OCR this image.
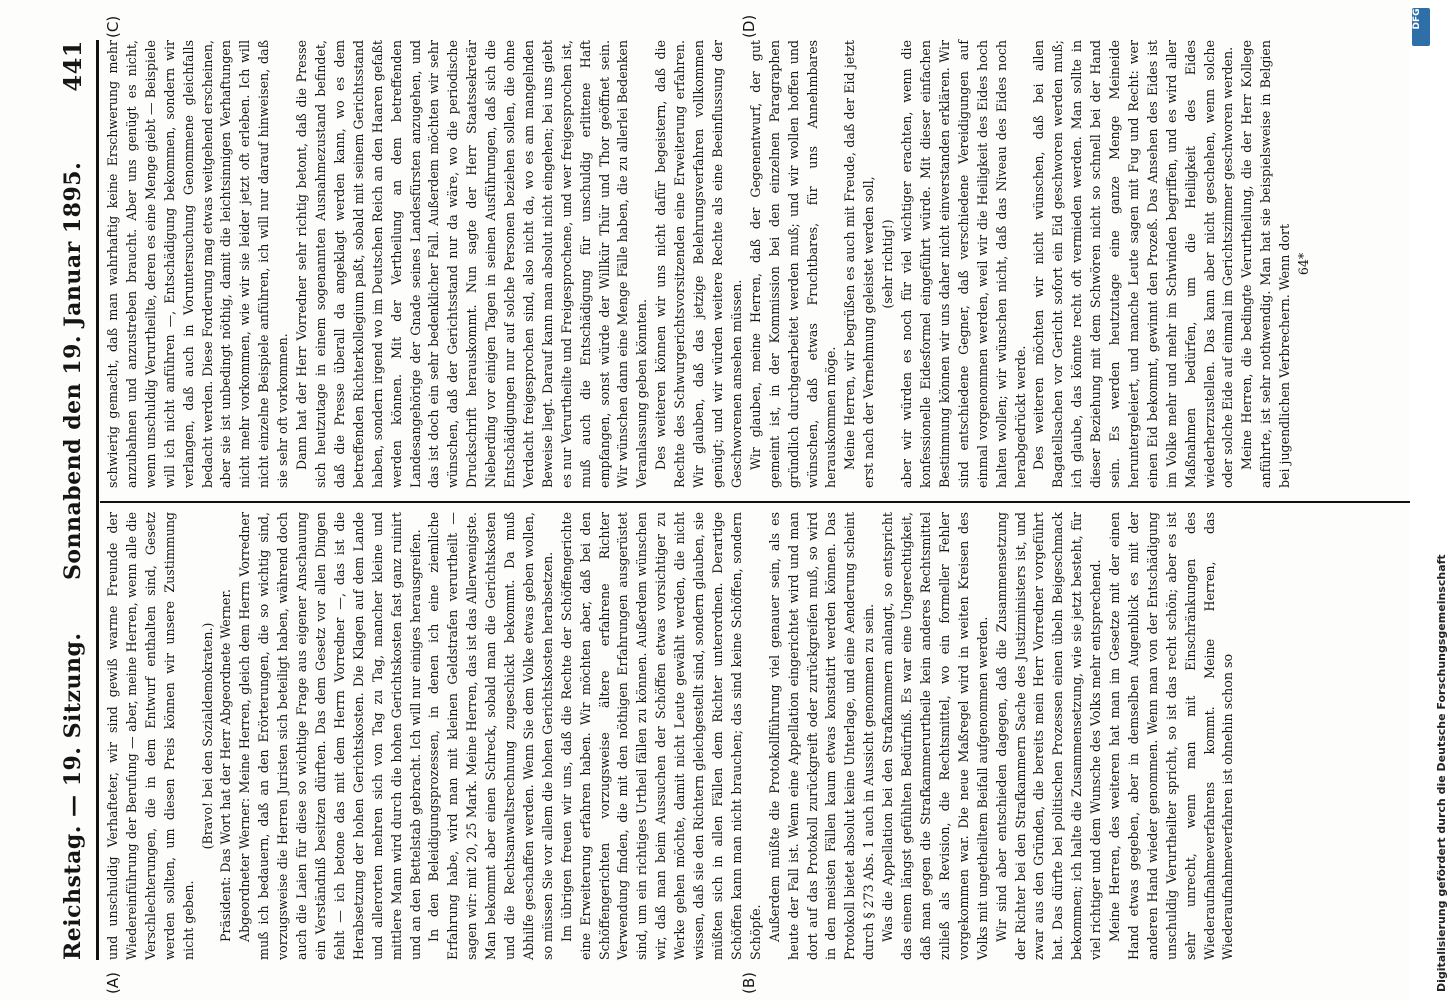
Reichstag. — 19. Sitzung.
Sonnabend den 19. Januar 1895.
441
(A)	(B)
(C)	(D)

und unschuldig Verhafteter, wir sind gewiß warme Freunde der Wiedereinführung der Berufung — aber, meine Herren, wenn alle die Verschlechterungen, die in dem Entwurf enthalten sind, Gesetz werden sollten, um diesen Preis können wir unsere Zustimmung nicht geben.

(Bravo! bei den Sozialdemokraten.) Präsident: Das Wort hat der Herr Abgeordnete Werner. Abgeordneter Werner: Meine Herren, gleich dem Herrn Vorredner muß ich bedauern, daß an den Erörterungen, die so wichtig sind, vorzugsweise die Herren Juristen sich beteiligt haben, während doch auch die Laien für diese so wichtige Frage aus eigener Anschauung ein Verständniß besitzen dürften. Das dem Gesetz vor allen Dingen fehlt — ich betone das mit dem Herrn Vorredner —, das ist die Herabsetzung der hohen Gerichtskosten. Die Klagen auf dem Lande und allerorten mehren sich von Tag zu Tag, mancher kleine und mittlere Mann wird durch die hohen Gerichtskosten fast ganz ruinirt und an den Bettelstab gebracht. Ich will nur einiges herausgreifen. In den Beleidigungsprozessen, in denen ich eine ziemliche Erfahrung habe, wird man mit kleinen Geldstrafen verurtheilt — sagen wir: mit 20, 25 Mark. Meine Herren, das ist das Allerwenigste. Man bekommt aber einen Schreck, sobald man die Gerichtskosten und die Rechtsanwaltsrechnung zugeschickt bekommt. Da muß Abhilfe geschaffen werden. Wenn Sie dem Volke etwas geben wollen, so müssen Sie vor allem die hohen Gerichtskosten herabsetzen. Im übrigen freuen wir uns, daß die Rechte der Schöffengerichte eine Erweiterung erfahren haben. Wir möchten aber, daß bei den Schöffengerichten vorzugsweise ältere erfahrene Richter Verwendung finden, die mit den nöthigen Erfahrungen ausgerüstet sind, um ein richtiges Urtheil fällen zu können. Außerdem wünschen wir, daß man beim Aussuchen der Schöffen etwas vorsichtiger zu Werke gehen möchte, damit nicht Leute gewählt werden, die nicht wissen, daß sie den Richtern gleichgestellt sind, sondern glauben, sie müßten sich in allen Fällen dem Richter unterordnen. Derartige Schöffen kann man nicht brauchen; das sind keine Schöffen, sondern Schöpfe. Außerdem müßte die Protokollführung viel genauer sein, als es heute der Fall ist. Wenn eine Appellation eingerichtet wird und man dort auf das Protokoll zurückgreift oder zurückgreifen muß, so wird in den meisten Fällen kaum etwas konstatirt werden können. Das Protokoll bietet absolut keine Unterlage, und eine Aenderung scheint durch § 273 Abs. 1 auch in Aussicht genommen zu sein. Was die Appellation bei den Strafkammern anlangt, so entspricht das einem längst gefühlten Bedürfniß. Es war eine Ungerechtigkeit, daß man gegen die Strafkammerurtheile kein anderes Rechtsmittel zuließ als Revision, die Rechtsmittel, wo ein formeller Fehler vorgekommen war. Die neue Maßregel wird in weiten Kreisen des Volks mit ungetheiltem Beifall aufgenommen werden. Wir sind aber entschieden dagegen, daß die Zusammensetzung der Richter bei den Strafkammern Sache des Justizministers ist, und zwar aus den Gründen, die bereits mein Herr Vorredner vorgeführt hat. Das dürfte bei politischen Prozessen einen übeln Beigeschmack bekommen; ich halte die Zusammensetzung, wie sie jetzt besteht, für viel richtiger und dem Wunsche des Volks mehr entsprechend. Meine Herren, des weiteren hat man im Gesetze mit der einen Hand etwas gegeben, aber in demselben Augenblick es mit der anderen Hand wieder genommen. Wenn man von der Entschädigung unschuldig Verurtheilter spricht, so ist das recht schön; aber es ist sehr unrecht, wenn man mit Einschränkungen des Wiederaufnahmeverfahrens kommt. Meine Herren, das Wiederaufnahmeverfahren ist ohnehin schon so

schwierig gemacht, daß man wahrhaftig keine Erschwerung mehr anzubahnen und anzustreben braucht. Aber uns genügt es nicht, wenn unschuldig Verurtheilte, deren es eine Menge giebt — Beispiele will ich nicht anführen —, Entschädigung bekommen, sondern wir verlangen, daß auch in Voruntersuchung Genommene gleichfalls bedacht werden. Diese Forderung mag etwas weitgehend erscheinen, aber sie ist unbedingt nöthig, damit die leichtsinnigen Verhaftungen nicht mehr vorkommen, wie wir sie leider jetzt oft erleben. Ich will nicht einzelne Beispiele anführen, ich will nur darauf hinweisen, daß sie sehr oft vorkommen. Dann hat der Herr Vorredner sehr richtig betont, daß die Presse sich heutzutage in einem sogenannten Ausnahmezustand befindet, daß die Presse überall da angeklagt werden kann, wo es dem betreffenden Richterkollegium paßt, sobald mit seinem Gerichtsstand haben, sondern irgend wo im Deutschen Reich an den Haaren gefaßt werden können. Mit der Vertheilung an dem betreffenden Landesangehörige der Gnade seines Landesfürsten anzugehen, und das ist doch ein sehr bedenklicher Fall. Außerdem möchten wir sehr wünschen, daß der Gerichtsstand nur da wäre, wo die periodische Druckschrift herauskommt. Nun sagte der Herr Staatssekretär Nieberding vor einigen Tagen in seinen Ausführungen, daß sich die Entschädigungen nur auf solche Personen beziehen sollen, die ohne Verdacht freigesprochen sind, also nicht da, wo es am mangelnden Beweise liegt. Darauf kann man absolut nicht eingehen; bei uns giebt es nur Verurtheilte und Freigesprochene, und wer freigesprochen ist, muß auch die Entschädigung für unschuldig erlittene Haft empfangen, sonst würde der Willkür Thür und Thor geöffnet sein. Wir wünschen dann eine Menge Fälle haben, die zu allerlei Bedenken Veranlassung geben könnten. Des weiteren können wir uns nicht dafür begeistern, daß die Rechte des Schwurgerichtsvorsitzenden eine Erweiterung erfahren. Wir glauben, daß das jetzige Belehrungsverfahren vollkommen genügt; und wir würden weitere Rechte als eine Beeinflussung der Geschworenen ansehen müssen. Wir glauben, meine Herren, daß der Gegenentwurf, der gut gemeint ist, in der Kommission bei den einzelnen Paragraphen gründlich durchgearbeitet werden muß; und wir wollen hoffen und wünschen, daß etwas Fruchtbares, für uns Annehmbares herauskommen möge. Meine Herren, wir begrüßen es auch mit Freude, daß der Eid jetzt erst nach der Vernehmung geleistet werden soll, (sehr richtig!) aber wir würden es noch für viel wichtiger erachten, wenn die konfessionelle Eidesformel eingeführt würde. Mit dieser einfachen Bestimmung können wir uns daher nicht einverstanden erklären. Wir sind entschiedene Gegner, daß verschiedene Vereidigungen auf einmal vorgenommen werden, weil wir die Heiligkeit des Eides hoch halten wollen; wir wünschen nicht, daß das Niveau des Eides noch herabgedrückt werde. Des weiteren möchten wir nicht wünschen, daß bei allen Bagatellsachen vor Gericht sofort ein Eid geschworen werden muß; ich glaube, das könnte recht oft vermieden werden. Man sollte in dieser Beziehung mit dem Schwören nicht so schnell bei der Hand sein. Es werden heutzutage eine ganze Menge Meineide heruntergeleiert, und manche Leute sagen mit Fug und Recht: wer einen Eid bekommt, gewinnt den Prozeß. Das Ansehen des Eides ist im Volke mehr und mehr im Schwinden begriffen, und es wird aller Maßnahmen bedürfen, um die Heiligkeit des Eides wiederherzustellen. Das kann aber nicht geschehen, wenn solche oder solche Eide auf einmal im Gerichtszimmer geschworen werden. Meine Herren, die bedingte Verurtheilung, die der Herr Kollege anführte, ist sehr nothwendig. Man hat sie beispielsweise in Belgien bei jugendlichen Verbrechern. Wenn dort 64*

Digitalisierung gefördert durch die Deutsche Forschungsgemeinschaft
DFG
